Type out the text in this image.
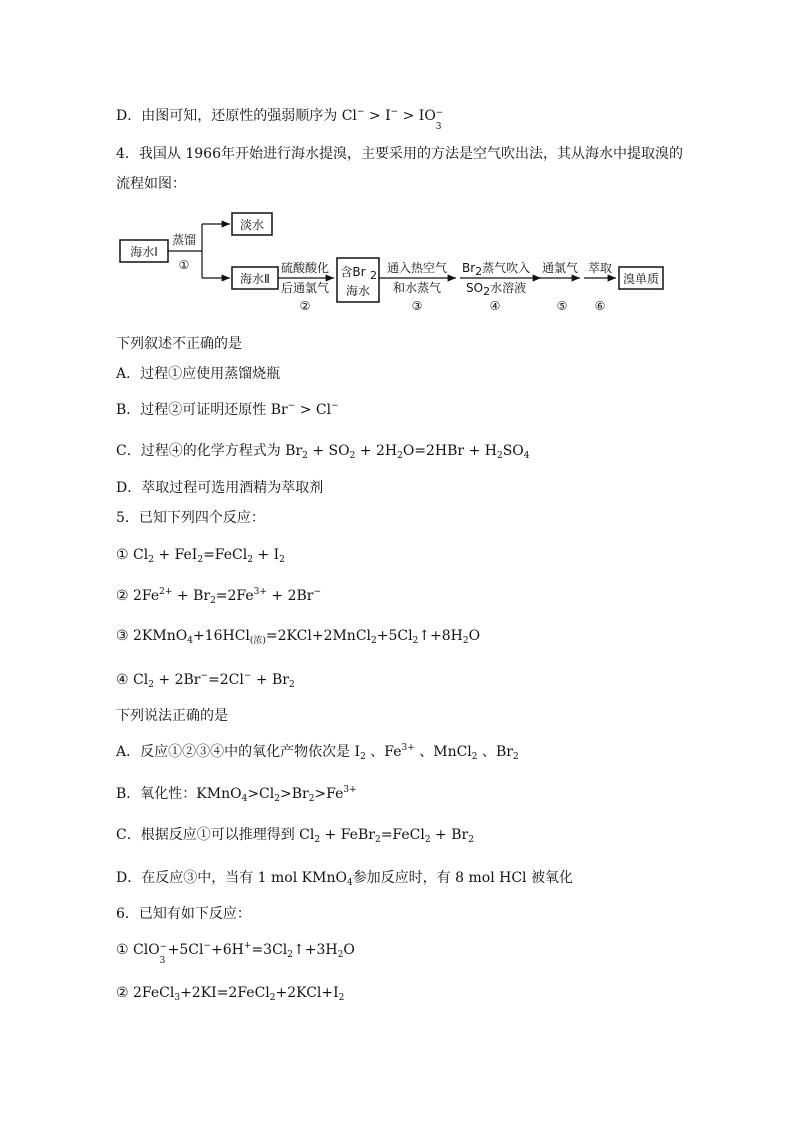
D．由图可知，还原性的强弱顺序为 Cl− > I− > IO −
3
4．我国从 1966年开始进行海水提溴，主要采用的方法是空气吹出法，其从海水中提取溴的
流程如图：
海水Ⅰ
蒸馏
①
淡水
海水Ⅱ
硫酸酸化
后通氯气
②
含Br 2
海水
通入热空气
和水蒸气
③
Br2蒸气吹入
SO2水溶液
④
通氯气
⑤
萃取
⑥
溴单质
下列叙述不正确的是
A．过程①应使用蒸馏烧瓶
B．过程②可证明还原性 Br− > Cl−
C．过程④的化学方程式为 $Br_2 + SO_2 + 2H_2O=2HBr + H_2SO_4$
D．萃取过程可选用酒精为萃取剂
5．已知下列四个反应：
① $Cl_2$ + FeI$_2$=FeCl$_2$ + $I_2$
② $2Fe^{2+} + Br_2=2Fe^{3+} + 2Br^-$
③ $2KMnO_4+16HCl_{(浓)}=2KCl+2MnCl_2+5Cl_2↑+8H_2O$
④ $Cl_2 + 2Br^-=2Cl^- + Br_2$
下列说法正确的是
A．反应①②③④中的氧化产物依次是 $I_2$ 、$Fe^{3+}$ 、MnCl$_2$ 、$Br_2$
B．氧化性：$KMnO_4>Cl_2>Br_2>Fe^{3+}$
C．根据反应①可以推理得到 $Cl_2$ + FeBr$_2$=FeCl$_2$ + $Br_2$
D．在反应③中，当有 1 mol KMnO$_4$参加反应时，有 8 mol HCl 被氧化
6．已知有如下反应：
① ClO −
3
$+5Cl^-+6H^+=3Cl_2↑+3H_2O$
② $2FeCl_3+2KI=2FeCl_2+2KCl+I_2$
